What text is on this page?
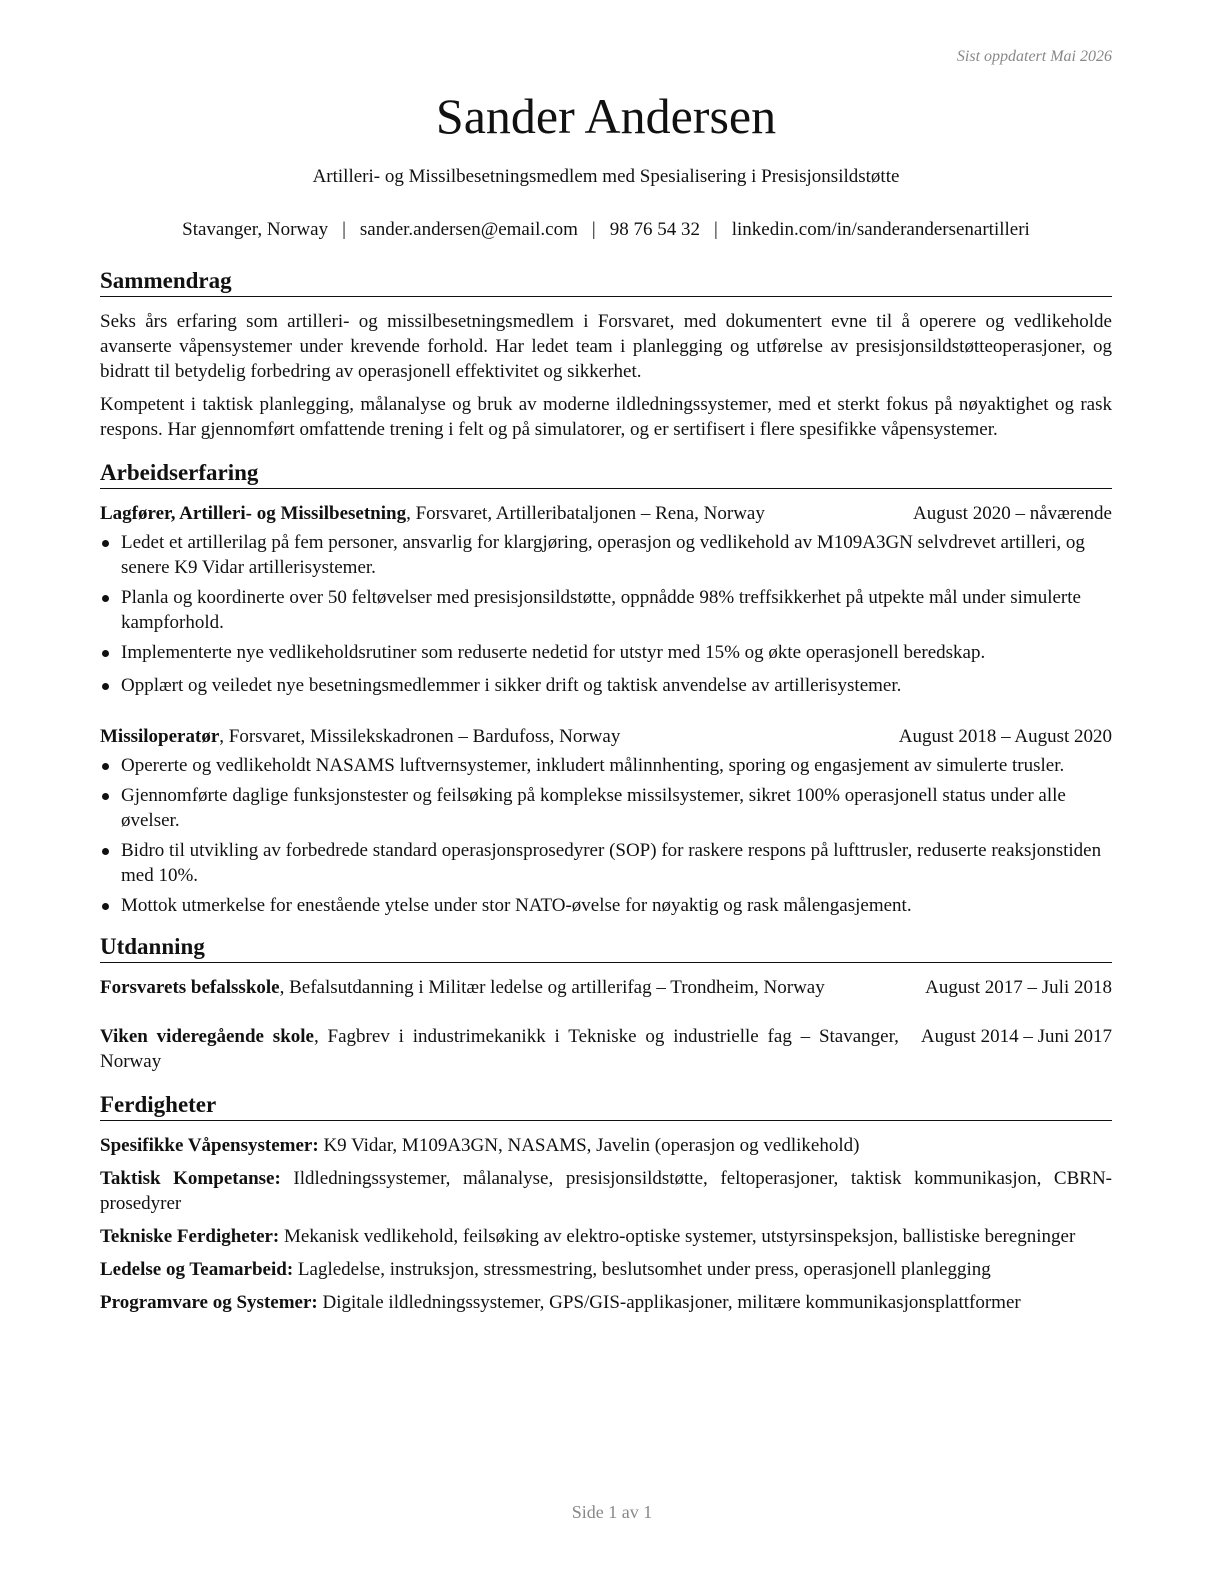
Sist oppdatert Mai 2026
Sander Andersen
Artilleri- og Missilbesetningsmedlem med Spesialisering i Presisjonsildstøtte
Stavanger, Norway | sander.andersen@email.com | 98 76 54 32 | linkedin.com/in/sanderandersenartilleri
Sammendrag

Seks års erfaring som artilleri- og missilbesetningsmedlem i Forsvaret, med dokumentert evne til å operere og vedlikeholde avanserte våpensystemer under krevende forhold. Har ledet team i planlegging og utførelse av presisjonsildstøtteoperasjoner, og bidratt til betydelig forbedring av operasjonell effektivitet og sikkerhet.

Kompetent i taktisk planlegging, målanalyse og bruk av moderne ildledningssystemer, med et sterkt fokus på nøyaktighet og rask respons. Har gjennomført omfattende trening i felt og på simulatorer, og er sertifisert i flere spesifikke våpensystemer.

Arbeidserfaring
Lagfører, Artilleri- og Missilbesetning, Forsvaret, Artilleribataljonen – Rena, Norway	August 2020 – nåværende
Ledet et artillerilag på fem personer, ansvarlig for klargjøring, operasjon og vedlikehold av M109A3GN selvdrevet artilleri, og senere K9 Vidar artillerisystemer.
Planla og koordinerte over 50 feltøvelser med presisjonsildstøtte, oppnådde 98% treffsikkerhet på utpekte mål under simulerte kampforhold.
Implementerte nye vedlikeholdsrutiner som reduserte nedetid for utstyr med 15% og økte operasjonell beredskap.
Opplært og veiledet nye besetningsmedlemmer i sikker drift og taktisk anvendelse av artillerisystemer.
Missiloperatør, Forsvaret, Missilekskadronen – Bardufoss, Norway	August 2018 – August 2020
Opererte og vedlikeholdt NASAMS luftvernsystemer, inkludert målinnhenting, sporing og engasjement av simulerte trusler.
Gjennomførte daglige funksjonstester og feilsøking på komplekse missilsystemer, sikret 100% operasjonell status under alle øvelser.
Bidro til utvikling av forbedrede standard operasjonsprosedyrer (SOP) for raskere respons på lufttrusler, reduserte reaksjonstiden med 10%.
Mottok utmerkelse for enestående ytelse under stor NATO-øvelse for nøyaktig og rask målengasjement.
Utdanning
Forsvarets befalsskole, Befalsutdanning i Militær ledelse og artillerifag – Trondheim, Norway	August 2017 – Juli 2018
Viken videregående skole, Fagbrev i industrimekanikk i Tekniske og industrielle fag – Stavanger, Norway
August 2014 – Juni 2017
Ferdigheter

Spesifikke Våpensystemer: K9 Vidar, M109A3GN, NASAMS, Javelin (operasjon og vedlikehold)

Taktisk Kompetanse: Ildledningssystemer, målanalyse, presisjonsildstøtte, feltoperasjoner, taktisk kommunikasjon, CBRN-prosedyrer

Tekniske Ferdigheter: Mekanisk vedlikehold, feilsøking av elektro-optiske systemer, utstyrsinspeksjon, ballistiske beregninger

Ledelse og Teamarbeid: Lagledelse, instruksjon, stressmestring, beslutsomhet under press, operasjonell planlegging

Programvare og Systemer: Digitale ildledningssystemer, GPS/GIS-applikasjoner, militære kommunikasjonsplattformer

Side 1 av 1
